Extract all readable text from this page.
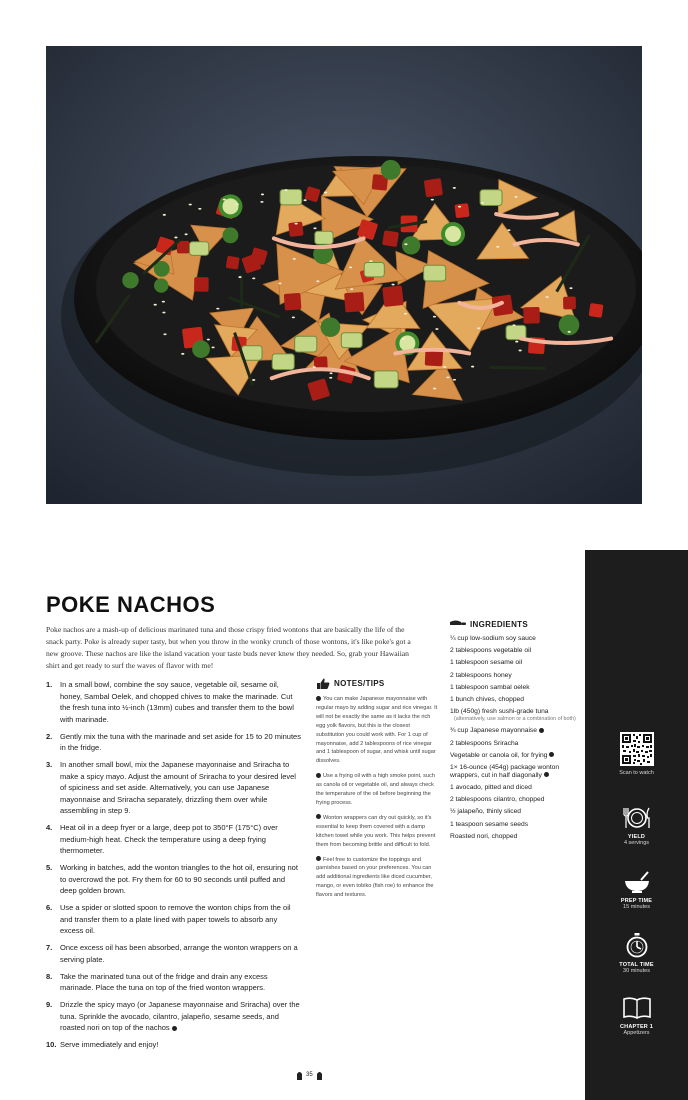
POKE NACHOS

Poke nachos are a mash-up of delicious marinated tuna and those crispy fried wontons that are basically the life of the snack party. Poke is already super tasty, but when you throw in the wonky crunch of those wontons, it's like poke's got a new groove. These nachos are like the island vacation your taste buds never knew they needed. So, grab your Hawaiian shirt and get ready to surf the waves of flavor with me!

1. In a small bowl, combine the soy sauce, vegetable oil, sesame oil, honey, Sambal Oelek, and chopped chives to make the marinade. Cut the fresh tuna into ½-inch (13mm) cubes and transfer them to the bowl with marinade.
2. Gently mix the tuna with the marinade and set aside for 15 to 20 minutes in the fridge.
3. In another small bowl, mix the Japanese mayonnaise and Sriracha to make a spicy mayo. Adjust the amount of Sriracha to your desired level of spiciness and set aside. Alternatively, you can use Japanese mayonnaise and Sriracha separately, drizzling them over while assembling in step 9.
4. Heat oil in a deep fryer or a large, deep pot to 350°F (175°C) over medium-high heat. Check the temperature using a deep frying thermometer.
5. Working in batches, add the wonton triangles to the hot oil, ensuring not to overcrowd the pot. Fry them for 60 to 90 seconds until puffed and deep golden brown.
6. Use a spider or slotted spoon to remove the wonton chips from the oil and transfer them to a plate lined with paper towels to absorb any excess oil.
7. Once excess oil has been absorbed, arrange the wonton wrappers on a serving plate.
8. Take the marinated tuna out of the fridge and drain any excess marinade. Place the tuna on top of the fried wonton wrappers.
9. Drizzle the spicy mayo (or Japanese mayonnaise and Sriracha) over the tuna. Sprinkle the avocado, cilantro, jalapeño, sesame seeds, and roasted nori on top of the nachos
10. Serve immediately and enjoy!
NOTES/TIPS

You can make Japanese mayonnaise with regular mayo by adding sugar and rice vinegar. It will not be exactly the same as it lacks the rich egg yolk flavors, but this is the closest substitution you could work with. For 1 cup of mayonnaise, add 2 tablespoons of rice vinegar and 1 tablespoon of sugar, and whisk until sugar dissolves.

Use a frying oil with a high smoke point, such as canola oil or vegetable oil, and always check the temperature of the oil before beginning the frying process.

Wonton wrappers can dry out quickly, so it's essential to keep them covered with a damp kitchen towel while you work. This helps prevent them from becoming brittle and difficult to fold.

Feel free to customize the toppings and garnishes based on your preferences. You can add additional ingredients like diced cucumber, mango, or even tobiko (fish roe) to enhance the flavors and textures.

INGREDIENTS
¼ cup low-sodium soy sauce
2 tablespoons vegetable oil
1 tablespoon sesame oil
2 tablespoons honey
1 tablespoon sambal oelek
1 bunch chives, chopped
1lb (450g) fresh sushi-grade tuna
(alternatively, use salmon or a combination of both)
¾ cup Japanese mayonnaise
2 tablespoons Sriracha
Vegetable or canola oil, for frying
1× 16-ounce (454g) package wonton wrappers, cut in half diagonally
1 avocado, pitted and diced
2 tablespoons cilantro, chopped
½ jalapeño, thinly sliced
1 teaspoon sesame seeds
Roasted nori, chopped
Scan to watch
YIELD
4 servings
PREP TIME
15 minutes
TOTAL TIME
30 minutes
CHAPTER 1
Appetizers
35
